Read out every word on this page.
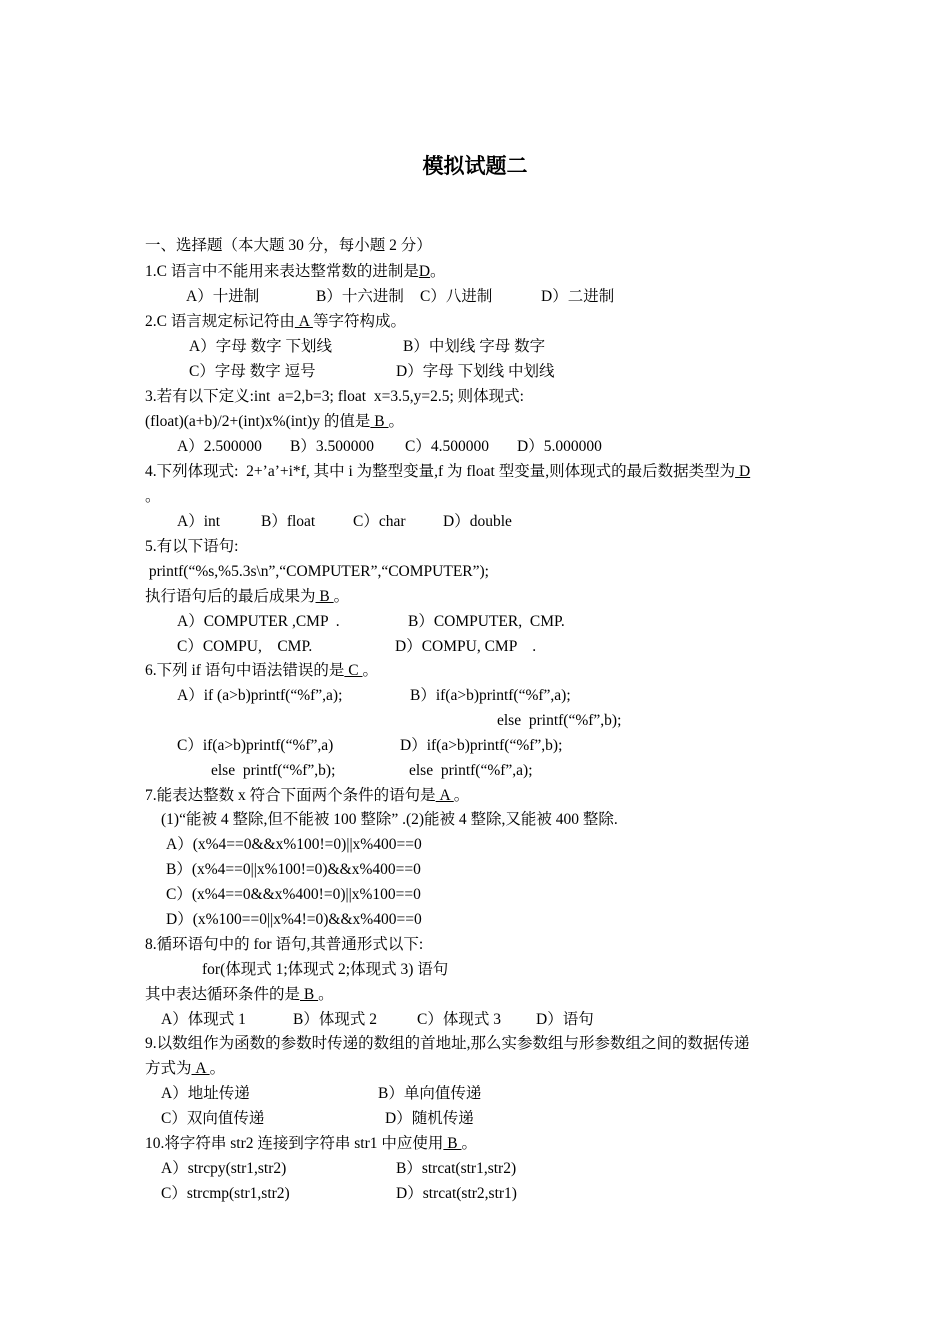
模拟试题二
一、选择题（本大题 30 分，每小题 2 分）
1.C 语言中不能用来表达整常数的进制是D。
A）十进制	B）十六进制 C）八进制	D）二进制
2.C 语言规定标记符由 A 等字符构成。
A）字母 数字 下划线	B）中划线 字母 数字
C）字母 数字 逗号	D）字母 下划线 中划线
3.若有以下定义:int  a=2,b=3; float  x=3.5,y=2.5; 则体现式:
(float)(a+b)/2+(int)x%(int)y 的值是 B 。
A）2.500000 B）3.500000 C）4.500000 D）5.000000
4.下列体现式:  2+’a’+i*f, 其中 i 为整型变量,f 为 float 型变量,则体现式的最后数据类型为 D
。
A）int	B）float C）char D）double
5.有以下语句:
printf(“%s,%5.3s\n”,“COMPUTER”,“COMPUTER”);
执行语句后的最后成果为 B 。
A）COMPUTER ,CMP  .	B）COMPUTER,  CMP.
C）COMPU,    CMP.	D）COMPU, CMP    .
6.下列 if 语句中语法错误的是 C 。
A）if (a>b)printf(“%f”,a);	B）if(a>b)printf(“%f”,a);
else  printf(“%f”,b);
C）if(a>b)printf(“%f”,a)	D）if(a>b)printf(“%f”,b);
else  printf(“%f”,b);	else  printf(“%f”,a);
7.能表达整数 x 符合下面两个条件的语句是 A 。
(1)“能被 4 整除,但不能被 100 整除” .(2)能被 4 整除,又能被 400 整除.
A）(x%4==0&&x%100!=0)||x%400==0
B）(x%4==0||x%100!=0)&&x%400==0
C）(x%4==0&&x%400!=0)||x%100==0
D）(x%100==0||x%4!=0)&&x%400==0
8.循环语句中的 for 语句,其普通形式以下:
for(体现式 1;体现式 2;体现式 3) 语句
其中表达循环条件的是 B 。
A）体现式 1	B）体现式 2	C）体现式 3 D）语句
9.以数组作为函数的参数时传递的数组的首地址,那么实参数组与形参数组之间的数据传递
方式为 A 。
A）地址传递	B）单向值传递
C）双向值传递	D）随机传递
10.将字符串 str2 连接到字符串 str1 中应使用 B 。
A）strcpy(str1,str2)	B）strcat(str1,str2)
C）strcmp(str1,str2)	D）strcat(str2,str1)
